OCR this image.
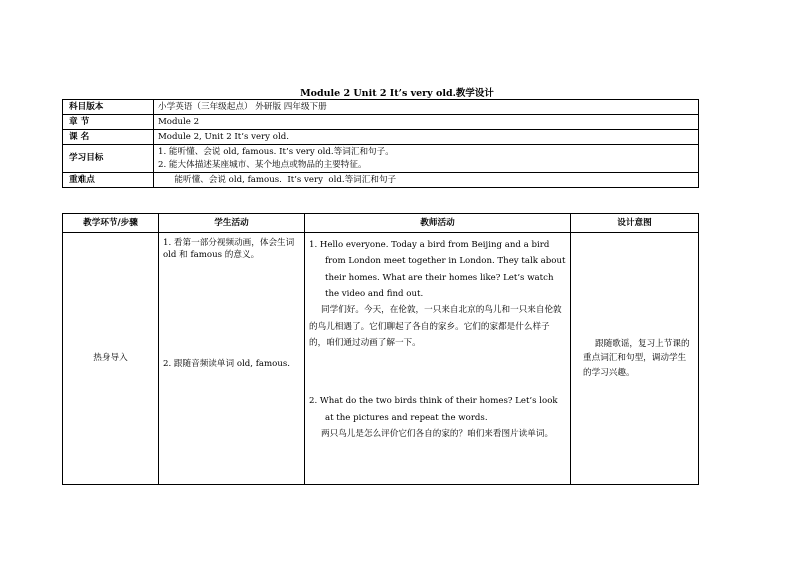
Module 2 Unit 2 It’s very old.教学设计
科目版本	小学英语（三年级起点） 外研版 四年级下册
章 节	Module 2
课 名	Module 2, Unit 2 It’s very old.
学习目标	1. 能听懂、会说 old, famous. It’s very old.等词汇和句子。
2. 能大体描述某座城市、某个地点或物品的主要特征。

重难点	能听懂、会说 old, famous.  It’s very  old.等词汇和句子
教学环节/步骤	学生活动	教师活动	设计意图
热身导入	1. 看第一部分视频动画，体会生词 old 和 famous 的意义。
2. 跟随音频读单词 old, famous.	1. Hello everyone. Today a bird from Beijing and a bird from London meet together in London. They talk about their homes. What are their homes like? Let’s watch the video and find out.
同学们好。今天，在伦敦，一只来自北京的鸟儿和一只来自伦敦的鸟儿相遇了。它们聊起了各自的家乡。它们的家都是什么样子的，咱们通过动画了解一下。
2. What do the two birds think of their homes? Let’s look at the pictures and repeat the words.
两只鸟儿是怎么评价它们各自的家的？咱们来看图片读单词。	跟随歌谣，复习上节课的重点词汇和句型，调动学生的学习兴趣。
